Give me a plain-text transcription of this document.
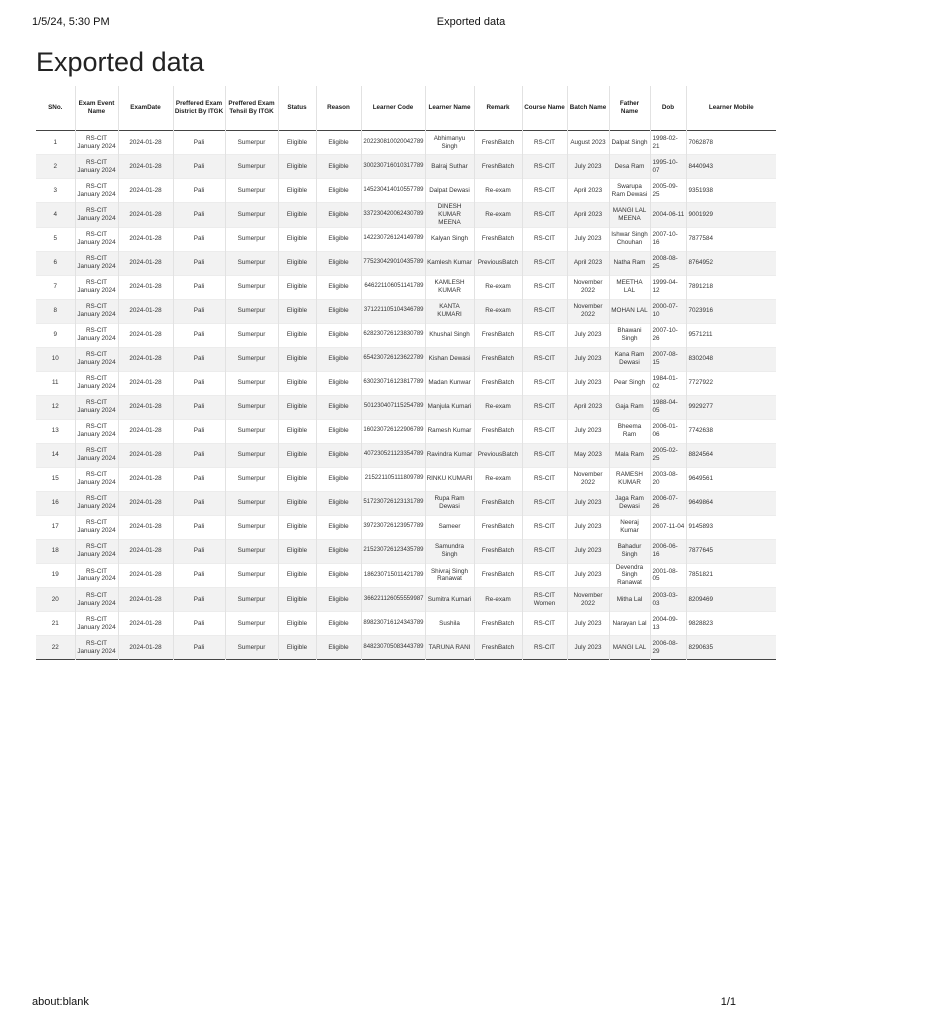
1/5/24, 5:30 PM	Exported data
Exported data
SNo.	Exam Event Name	ExamDate	Preffered Exam District By ITGK	Preffered Exam Tehsil By ITGK	Status	Reason	Learner Code	Learner Name	Remark	Course Name	Batch Name	Father Name	Dob	Learner Mobile
1	RS-CIT January 2024	2024-01-28	Pali	Sumerpur	Eligible	Eligible	202230810020042789	Abhimanyu Singh	FreshBatch	RS-CIT	August 2023	Dalpat Singh	1998-02-21	7062878
2	RS-CIT January 2024	2024-01-28	Pali	Sumerpur	Eligible	Eligible	300230716010317789	Balraj Suthar	FreshBatch	RS-CIT	July 2023	Desa Ram	1995-10-07	8440943
3	RS-CIT January 2024	2024-01-28	Pali	Sumerpur	Eligible	Eligible	145230414010557789	Dalpat Dewasi	Re-exam	RS-CIT	April 2023	Swarupa Ram Dewasi	2005-09-25	9351938
4	RS-CIT January 2024	2024-01-28	Pali	Sumerpur	Eligible	Eligible	337230420062430789	DINESH KUMAR MEENA	Re-exam	RS-CIT	April 2023	MANGI LAL MEENA	2004-06-11	9001929
5	RS-CIT January 2024	2024-01-28	Pali	Sumerpur	Eligible	Eligible	142230726124149789	Kalyan Singh	FreshBatch	RS-CIT	July 2023	Ishwar Singh Chouhan	2007-10-16	7877584
6	RS-CIT January 2024	2024-01-28	Pali	Sumerpur	Eligible	Eligible	775230429010435789	Kamlesh Kumar	PreviousBatch	RS-CIT	April 2023	Natha Ram	2008-08-25	8764952
7	RS-CIT January 2024	2024-01-28	Pali	Sumerpur	Eligible	Eligible	646221106051141789	KAMLESH KUMAR	Re-exam	RS-CIT	November 2022	MEETHA LAL	1999-04-12	7891218
8	RS-CIT January 2024	2024-01-28	Pali	Sumerpur	Eligible	Eligible	371221105104346789	KANTA KUMARI	Re-exam	RS-CIT	November 2022	MOHAN LAL	2000-07-10	7023916
9	RS-CIT January 2024	2024-01-28	Pali	Sumerpur	Eligible	Eligible	628230726123830789	Khushal Singh	FreshBatch	RS-CIT	July 2023	Bhawani Singh	2007-10-26	9571211
10	RS-CIT January 2024	2024-01-28	Pali	Sumerpur	Eligible	Eligible	654230726123622789	Kishan Dewasi	FreshBatch	RS-CIT	July 2023	Kana Ram Dewasi	2007-08-15	8302048
11	RS-CIT January 2024	2024-01-28	Pali	Sumerpur	Eligible	Eligible	630230716123817789	Madan Kunwar	FreshBatch	RS-CIT	July 2023	Pear Singh	1984-01-02	7727922
12	RS-CIT January 2024	2024-01-28	Pali	Sumerpur	Eligible	Eligible	501230407115254789	Manjula Kumari	Re-exam	RS-CIT	April 2023	Gaja Ram	1988-04-05	9929277
13	RS-CIT January 2024	2024-01-28	Pali	Sumerpur	Eligible	Eligible	160230726122906789	Ramesh Kumar	FreshBatch	RS-CIT	July 2023	Bheema Ram	2006-01-06	7742638
14	RS-CIT January 2024	2024-01-28	Pali	Sumerpur	Eligible	Eligible	407230521123354789	Ravindra Kumar	PreviousBatch	RS-CIT	May 2023	Mala Ram	2005-02-25	8824564
15	RS-CIT January 2024	2024-01-28	Pali	Sumerpur	Eligible	Eligible	215221105111809789	RINKU KUMARI	Re-exam	RS-CIT	November 2022	RAMESH KUMAR	2003-08-20	9649561
16	RS-CIT January 2024	2024-01-28	Pali	Sumerpur	Eligible	Eligible	517230726123131789	Rupa Ram Dewasi	FreshBatch	RS-CIT	July 2023	Jaga Ram Dewasi	2006-07-26	9649864
17	RS-CIT January 2024	2024-01-28	Pali	Sumerpur	Eligible	Eligible	397230726123957789	Sameer	FreshBatch	RS-CIT	July 2023	Neeraj Kumar	2007-11-04	9145893
18	RS-CIT January 2024	2024-01-28	Pali	Sumerpur	Eligible	Eligible	215230726123435789	Samundra Singh	FreshBatch	RS-CIT	July 2023	Bahadur Singh	2006-06-16	7877645
19	RS-CIT January 2024	2024-01-28	Pali	Sumerpur	Eligible	Eligible	186230715011421789	Shivraj Singh Ranawat	FreshBatch	RS-CIT	July 2023	Devendra Singh Ranawat	2001-08-05	7851821
20	RS-CIT January 2024	2024-01-28	Pali	Sumerpur	Eligible	Eligible	366221126055559987	Sumitra Kumari	Re-exam	RS-CIT Women	November 2022	Mitha Lal	2003-03-03	8209469
21	RS-CIT January 2024	2024-01-28	Pali	Sumerpur	Eligible	Eligible	898230716124343789	Sushila	FreshBatch	RS-CIT	July 2023	Narayan Lal	2004-09-13	9828823
22	RS-CIT January 2024	2024-01-28	Pali	Sumerpur	Eligible	Eligible	848230705083443789	TARUNA RANI	FreshBatch	RS-CIT	July 2023	MANGI LAL	2006-08-29	8290635
about:blank	1/1
